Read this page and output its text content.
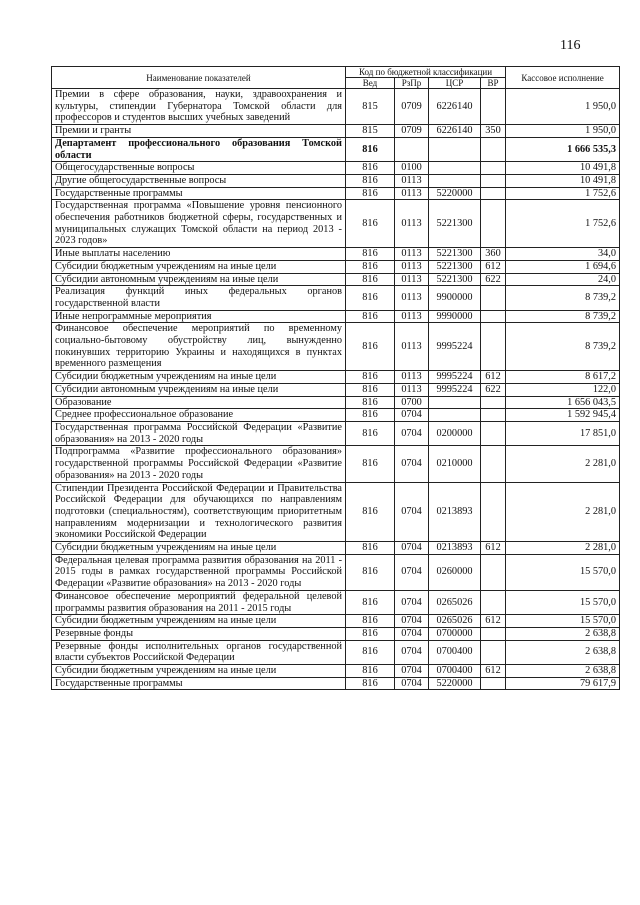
116
Наименование показателей	Код по бюджетной классификации				Кассовое исполнение
	Вед	РзПр	ЦСР	ВР	
Премии в сфере образования, науки, здравоохранения и культуры, стипендии Губернатора Томской области для профессоров и студентов высших учебных заведений	815	0709	6226140		1 950,0
Премии и гранты	815	0709	6226140	350	1 950,0
Департамент профессионального образования Томской области	816				1 666 535,3
Общегосударственные вопросы	816	0100			10 491,8
Другие общегосударственные вопросы	816	0113			10 491,8
Государственные программы	816	0113	5220000		1 752,6
Государственная программа «Повышение уровня пенсионного обеспечения работников бюджетной сферы, государственных и муниципальных служащих Томской области на период 2013 - 2023 годов»	816	0113	5221300		1 752,6
Иные выплаты населению	816	0113	5221300	360	34,0
Субсидии бюджетным учреждениям на иные цели	816	0113	5221300	612	1 694,6
Субсидии автономным учреждениям на иные цели	816	0113	5221300	622	24,0
Реализация функций иных федеральных органов государственной власти	816	0113	9900000		8 739,2
Иные непрограммные мероприятия	816	0113	9990000		8 739,2
Финансовое обеспечение мероприятий по временному социально-бытовому обустройству лиц, вынужденно покинувших территорию Украины и находящихся в пунктах временного размещения	816	0113	9995224		8 739,2
Субсидии бюджетным учреждениям на иные цели	816	0113	9995224	612	8 617,2
Субсидии автономным учреждениям на иные цели	816	0113	9995224	622	122,0
Образование	816	0700			1 656 043,5
Среднее профессиональное образование	816	0704			1 592 945,4
Государственная программа Российской Федерации «Развитие образования» на 2013 - 2020 годы	816	0704	0200000		17 851,0
Подпрограмма «Развитие профессионального образования» государственной программы Российской Федерации «Развитие образования» на 2013 - 2020 годы	816	0704	0210000		2 281,0
Стипендии Президента Российской Федерации и Правительства Российской Федерации для обучающихся по направлениям подготовки (специальностям), соответствующим приоритетным направлениям модернизации и технологического развития экономики Российской Федерации	816	0704	0213893		2 281,0
Субсидии бюджетным учреждениям на иные цели	816	0704	0213893	612	2 281,0
Федеральная целевая программа развития образования на 2011 - 2015 годы в рамках государственной программы Российской Федерации «Развитие образования» на 2013 - 2020 годы	816	0704	0260000		15 570,0
Финансовое обеспечение мероприятий федеральной целевой программы развития образования на 2011 - 2015 годы	816	0704	0265026		15 570,0
Субсидии бюджетным учреждениям на иные цели	816	0704	0265026	612	15 570,0
Резервные фонды	816	0704	0700000		2 638,8
Резервные фонды исполнительных органов государственной власти субъектов Российской Федерации	816	0704	0700400		2 638,8
Субсидии бюджетным учреждениям на иные цели	816	0704	0700400	612	2 638,8
Государственные программы	816	0704	5220000		79 617,9
